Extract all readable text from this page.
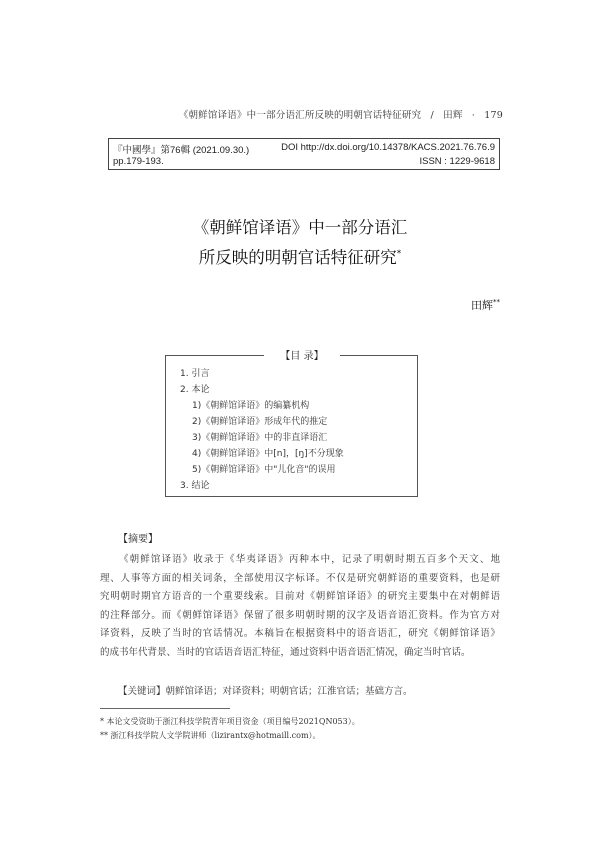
《朝鲜馆译语》中一部分语汇所反映的明朝官话特征研究 / 田辉 · 179
『中國學』第76輯 (2021.09.30.)
pp.179-193.
DOI http://dx.doi.org/10.14378/KACS.2021.76.76.9
ISSN : 1229-9618
《朝鲜馆译语》中一部分语汇
所反映的明朝官话特征研究*
田辉**
【目 录】
1. 引言
2. 本论
1)《朝鲜馆译语》的编纂机构
2)《朝鲜馆译语》形成年代的推定
3)《朝鲜馆译语》中的非直译语汇
4)《朝鲜馆译语》中[n]，[ŋ]不分现象
5)《朝鲜馆译语》中"儿化音"的误用
3. 结论
【摘要】
《朝鲜馆译语》收录于《华夷译语》丙种本中，记录了明朝时期五百多个天文、地
理、人事等方面的相关词条，全部使用汉字标译。不仅是研究朝鲜语的重要资料，也是研
究明朝时期官方语音的一个重要线索。目前对《朝鲜馆译语》的研究主要集中在对朝鲜语
的注释部分。而《朝鲜馆译语》保留了很多明朝时期的汉字及语音语汇资料。作为官方对
译资料，反映了当时的官话情况。本稿旨在根据资料中的语音语汇，研究《朝鲜馆译语》
的成书年代背景、当时的官话语音语汇特征，通过资料中语音语汇情况，确定当时官话。
【关键词】朝鲜馆译语；对译资料；明朝官话；江淮官话；基础方言。
* 本论文受资助于浙江科技学院青年项目资金（项目编号2021QN053）。
** 浙江科技学院人文学院讲师（lizirantx@hotmaill.com）。
